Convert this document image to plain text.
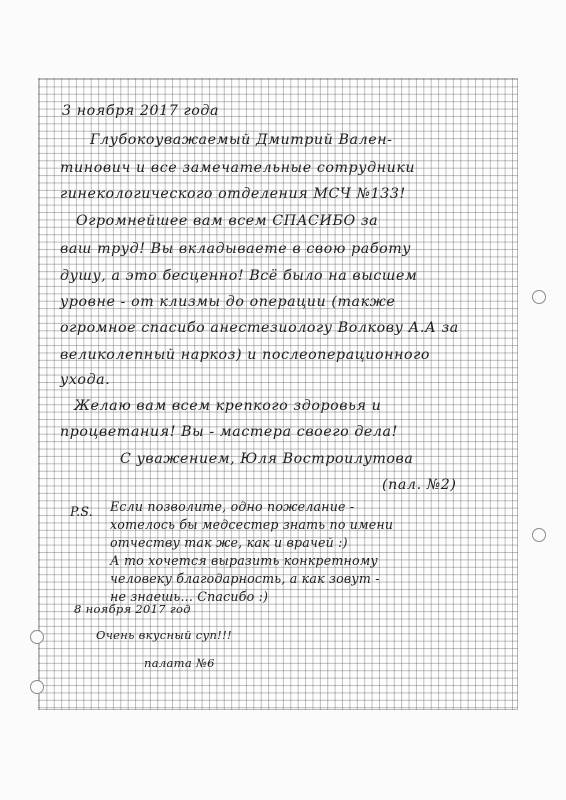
3 ноября 2017 года
Глубокоуважаемый Дмитрий Вален-
тинович и все замечательные сотрудники
гинекологического отделения МСЧ №133!
Огромнейшее вам всем СПАСИБО за
ваш труд! Вы вкладываете в свою работу
душу, а это бесценно! Всё было на высшем
уровне - от клизмы до операции (также
огромное спасибо анестезиологу Волкову А.А за
великолепный наркоз) и послеоперационного
ухода.
Желаю вам всем крепкого здоровья и
процветания! Вы - мастера своего дела!
С уважением, Юля Востроилутова
(пал. №2)
P.S. Если позволите, одно пожелание -
хотелось бы медсестер знать по имени
отчеству так же, как и врачей :)
А то хочется выразить конкретному
человеку благодарность, а как зовут -
не знаешь... Спасибо :)
8 ноября 2017 год
Очень вкусный суп!!!
палата №6
